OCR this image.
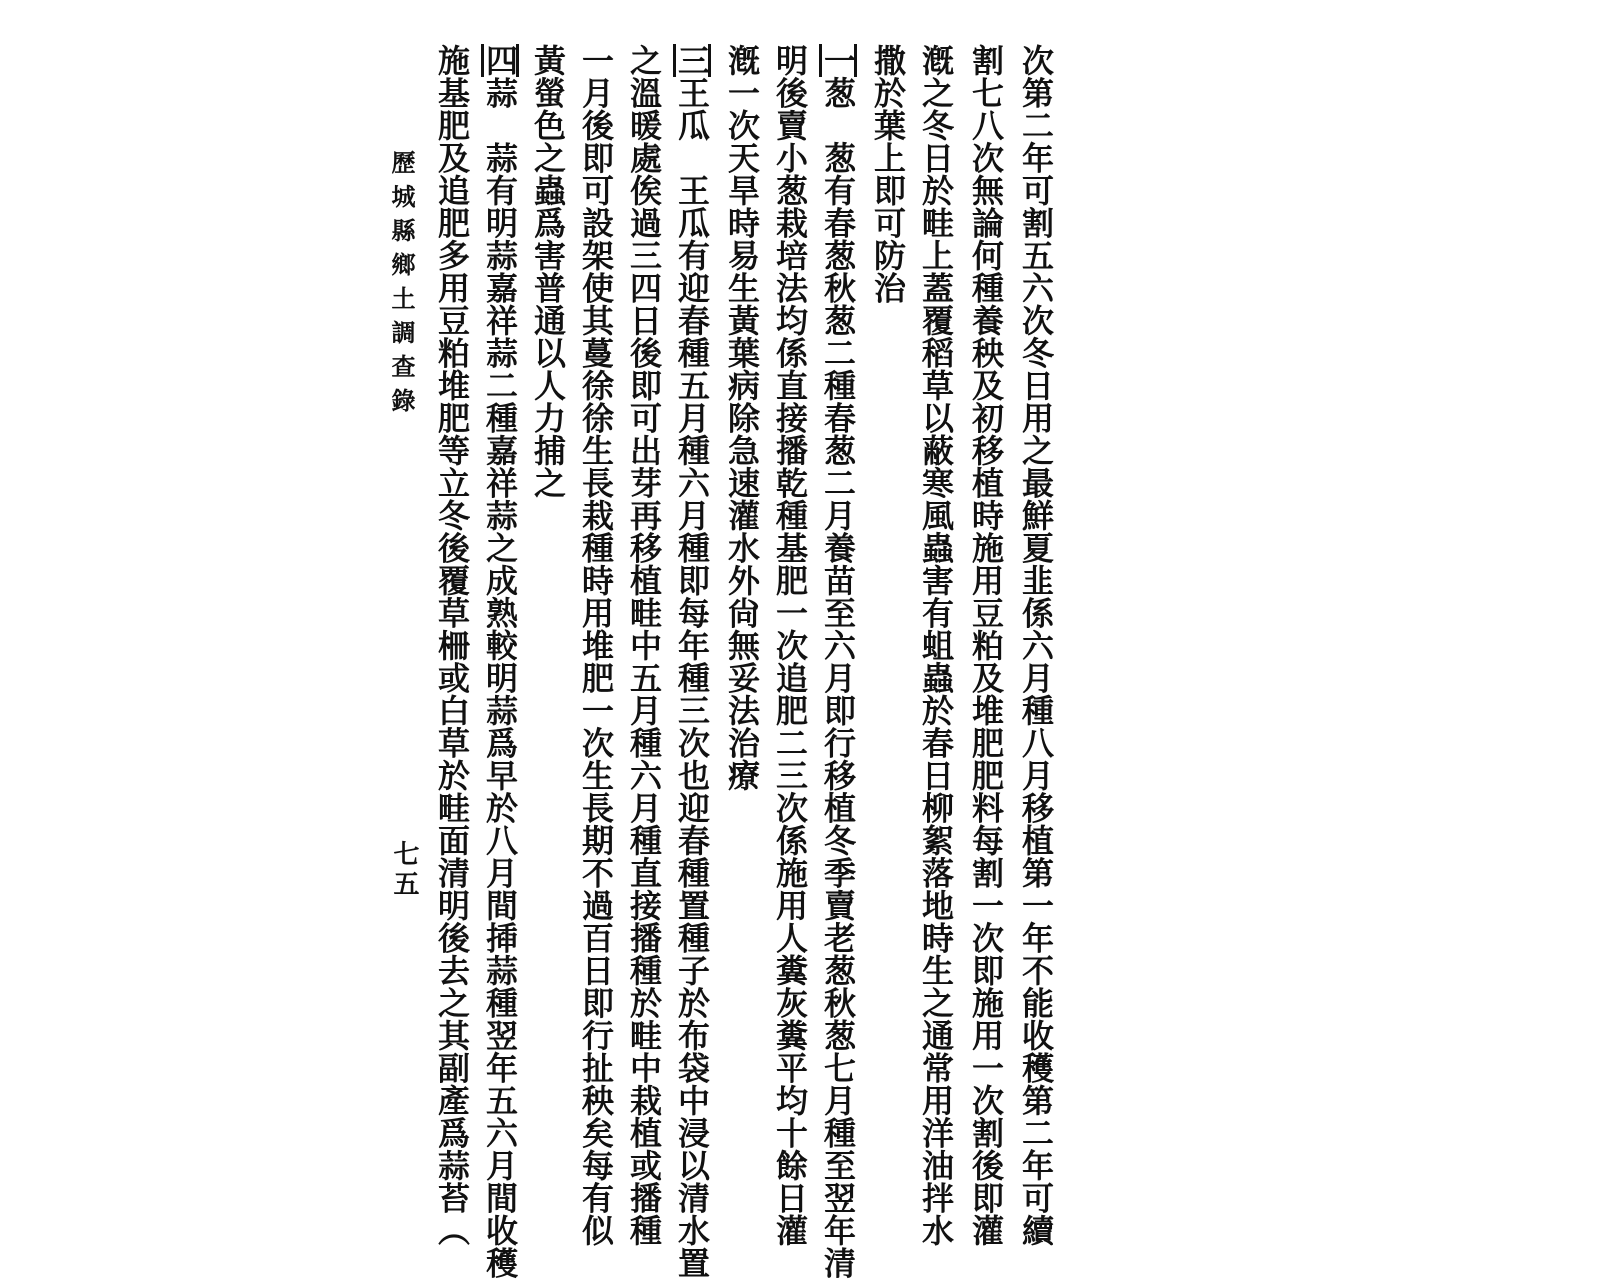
次第二年可割五六次冬日用之最鮮夏韭係六月種八月移植第一年不能收穫第二年可續
割七八次無論何種養秧及初移植時施用豆粕及堆肥肥料每割一次即施用一次割後即灌
漑之冬日於畦上蓋覆稻草以蔽寒風蟲害有蛆蟲於春日柳絮落地時生之通常用洋油拌水
撒於葉上即可防治
一葱　葱有春葱秋葱二種春葱二月養苗至六月即行移植冬季賣老葱秋葱七月種至翌年清
明後賣小葱栽培法均係直接播乾種基肥一次追肥二三次係施用人糞灰糞平均十餘日灌
漑一次天旱時易生黃葉病除急速灌水外尙無妥法治療
三王瓜　王瓜有迎春種五月種六月種即每年種三次也迎春種置種子於布袋中浸以清水置
之溫暖處俟過三四日後即可出芽再移植畦中五月種六月種直接播種於畦中栽植或播種
一月後即可設架使其蔓徐徐生長栽種時用堆肥一次生長期不過百日即行扯秧矣每有似
黃螢色之蟲爲害普通以人力捕之
四蒜　蒜有明蒜嘉祥蒜二種嘉祥蒜之成熟較明蒜爲早於八月間揷蒜種翌年五六月間收穫
施基肥及追肥多用豆粕堆肥等立冬後覆草柵或白草於畦面清明後去之其副產爲蒜苔（
歷城縣鄉土調查錄
七五
